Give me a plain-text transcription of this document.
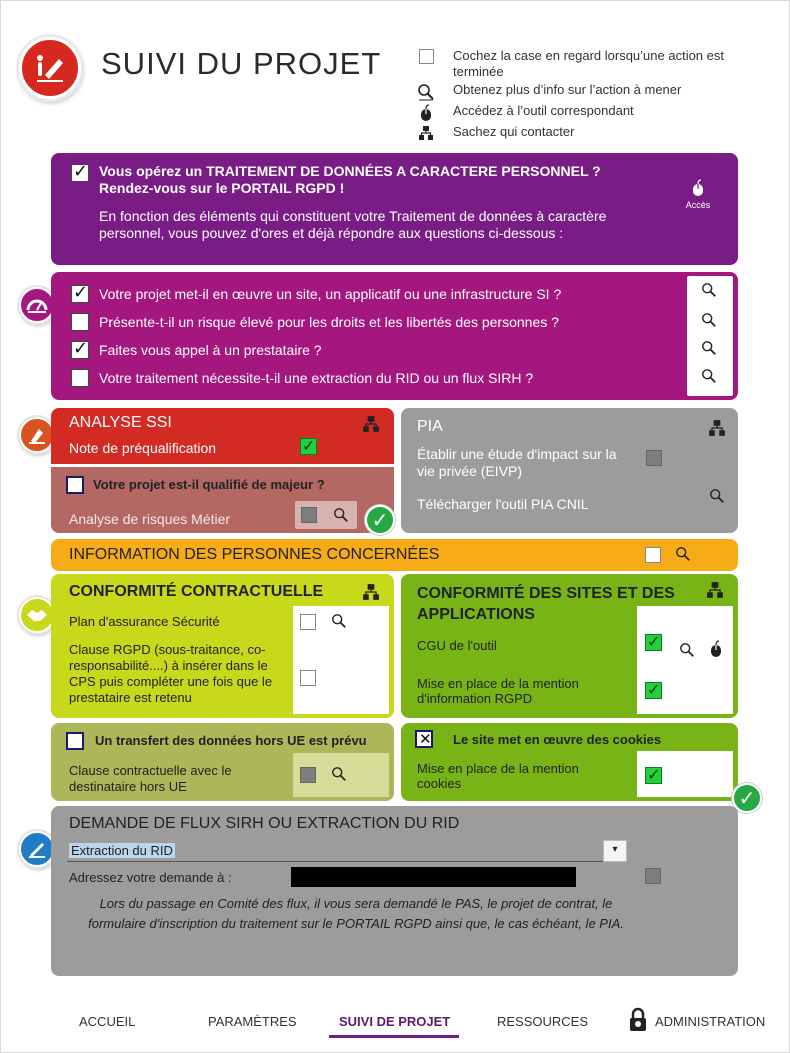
SUIVI DU PROJET	Cochez la case en regard lorsqu’une action est terminée
Obtenez plus d’info sur l’action à mener
Accédez à l’outil correspondant
Sachez qui contacter
✓
Vous opérez un TRAITEMENT DE DONNÉES A CARACTERE PERSONNEL ?
Rendez-vous sur le PORTAIL RGPD !
En fonction des éléments qui constituent votre Traitement de données à caractère personnel, vous pouvez d'ores et déjà répondre aux questions ci-dessous :
Accès
✓
Votre projet met-il en œuvre un site, un applicatif ou une infrastructure SI ?
Présente-t-il un risque élevé pour les droits et les libertés des personnes ?
✓
Faites vous appel à un prestataire ?
Votre traitement nécessite-t-il une extraction du RID ou un flux SIRH ?
ANALYSE SSI
Note de préqualification
✓
Votre projet est-il qualifié de majeur ?
Analyse de risques Métier	✓
PIA
Établir une étude d'impact sur la vie privée (EIVP)
Télécharger l'outil PIA CNIL
INFORMATION DES PERSONNES CONCERNÉES
CONFORMITÉ CONTRACTUELLE
Plan d'assurance Sécurité
Clause RGPD (sous-traitance, co-responsabilité....) à insérer dans le CPS puis compléter une fois que le prestataire est retenu
Un transfert des données hors UE est prévu
Clause contractuelle avec le destinataire hors UE
CONFORMITÉ DES SITES ET DES APPLICATIONS
CGU de l'outil
Mise en place de la mention d'information RGPD
✓
✓
✕
Le site met en œuvre des cookies
Mise en place de la mention cookies
✓
✓
DEMANDE DE FLUX SIRH OU EXTRACTION DU RID
Extraction du RID	▾
Adressez votre demande à :
Lors du passage en Comité des flux, il vous sera demandé le PAS, le projet de contrat, le formulaire d'inscription du traitement sur le PORTAIL RGPD ainsi que, le cas échéant, le PIA.
ACCUEIL	PARAMÈTRES	SUIVI DE PROJET	RESSOURCES	ADMINISTRATION
